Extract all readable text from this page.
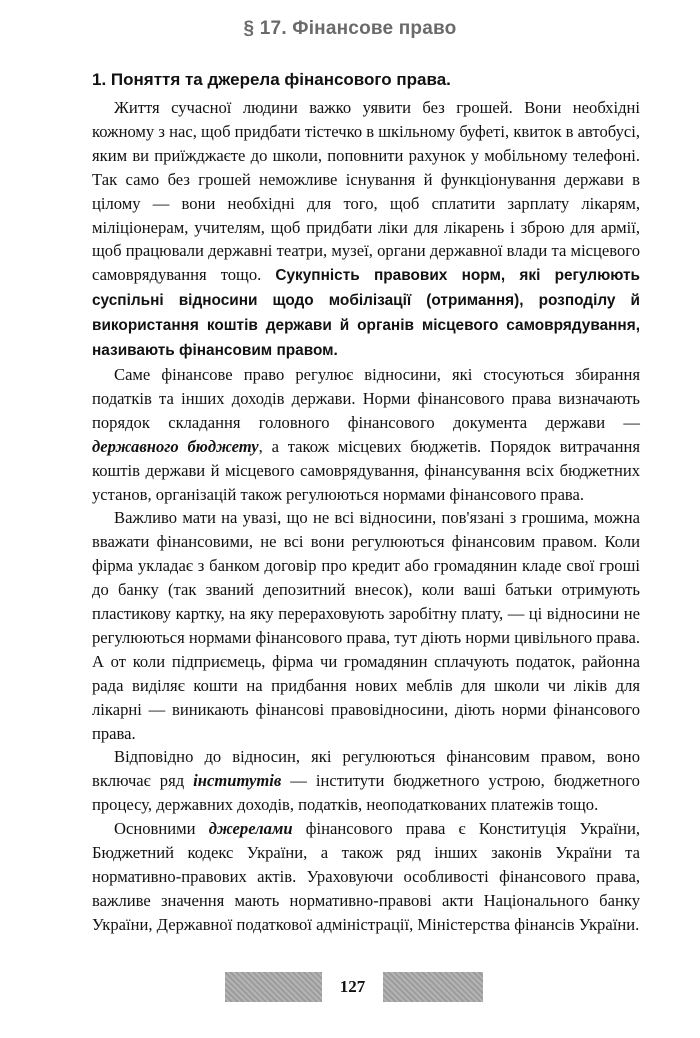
§ 17. Фінансове право
1. Поняття та джерела фінансового права.

Життя сучасної людини важко уявити без грошей. Вони необхідні кожному з нас, щоб придбати тістечко в шкільному буфеті, квиток в автобусі, яким ви приїжджаєте до школи, поповнити рахунок у мобільному телефоні. Так само без грошей неможливе існування й функціонування держави в цілому — вони необхідні для того, щоб сплатити зарплату лікарям, міліціонерам, учителям, щоб придбати ліки для лікарень і зброю для армії, щоб працювали державні театри, музеї, органи державної влади та місцевого самоврядування тощо. Сукупність правових норм, які регулюють суспільні відносини щодо мобілізації (отримання), розподілу й використання коштів держави й органів місцевого самоврядування, називають фінансовим правом.

Саме фінансове право регулює відносини, які стосуються збирання податків та інших доходів держави. Норми фінансового права визначають порядок складання головного фінансового документа держави — державного бюджету, а також місцевих бюджетів. Порядок витрачання коштів держави й місцевого самоврядування, фінансування всіх бюджетних установ, організацій також регулюються нормами фінансового права.

Важливо мати на увазі, що не всі відносини, пов'язані з грошима, можна вважати фінансовими, не всі вони регулюються фінансовим правом. Коли фірма укладає з банком договір про кредит або громадянин кладе свої гроші до банку (так званий депозитний внесок), коли ваші батьки отримують пластикову картку, на яку перераховують заробітну плату, — ці відносини не регулюються нормами фінансового права, тут діють норми цивільного права. А от коли підприємець, фірма чи громадянин сплачують податок, районна рада виділяє кошти на придбання нових меблів для школи чи ліків для лікарні — виникають фінансові правовідносини, діють норми фінансового права.

Відповідно до відносин, які регулюються фінансовим правом, воно включає ряд інститутів — інститути бюджетного устрою, бюджетного процесу, державних доходів, податків, неоподаткованих платежів тощо.

Основними джерелами фінансового права є Конституція України, Бюджетний кодекс України, а також ряд інших законів України та нормативно-правових актів. Ураховуючи особливості фінансового права, важливе значення мають нормативно-правові акти Національного банку України, Державної податкової адміністрації, Міністерства фінансів України.

127
